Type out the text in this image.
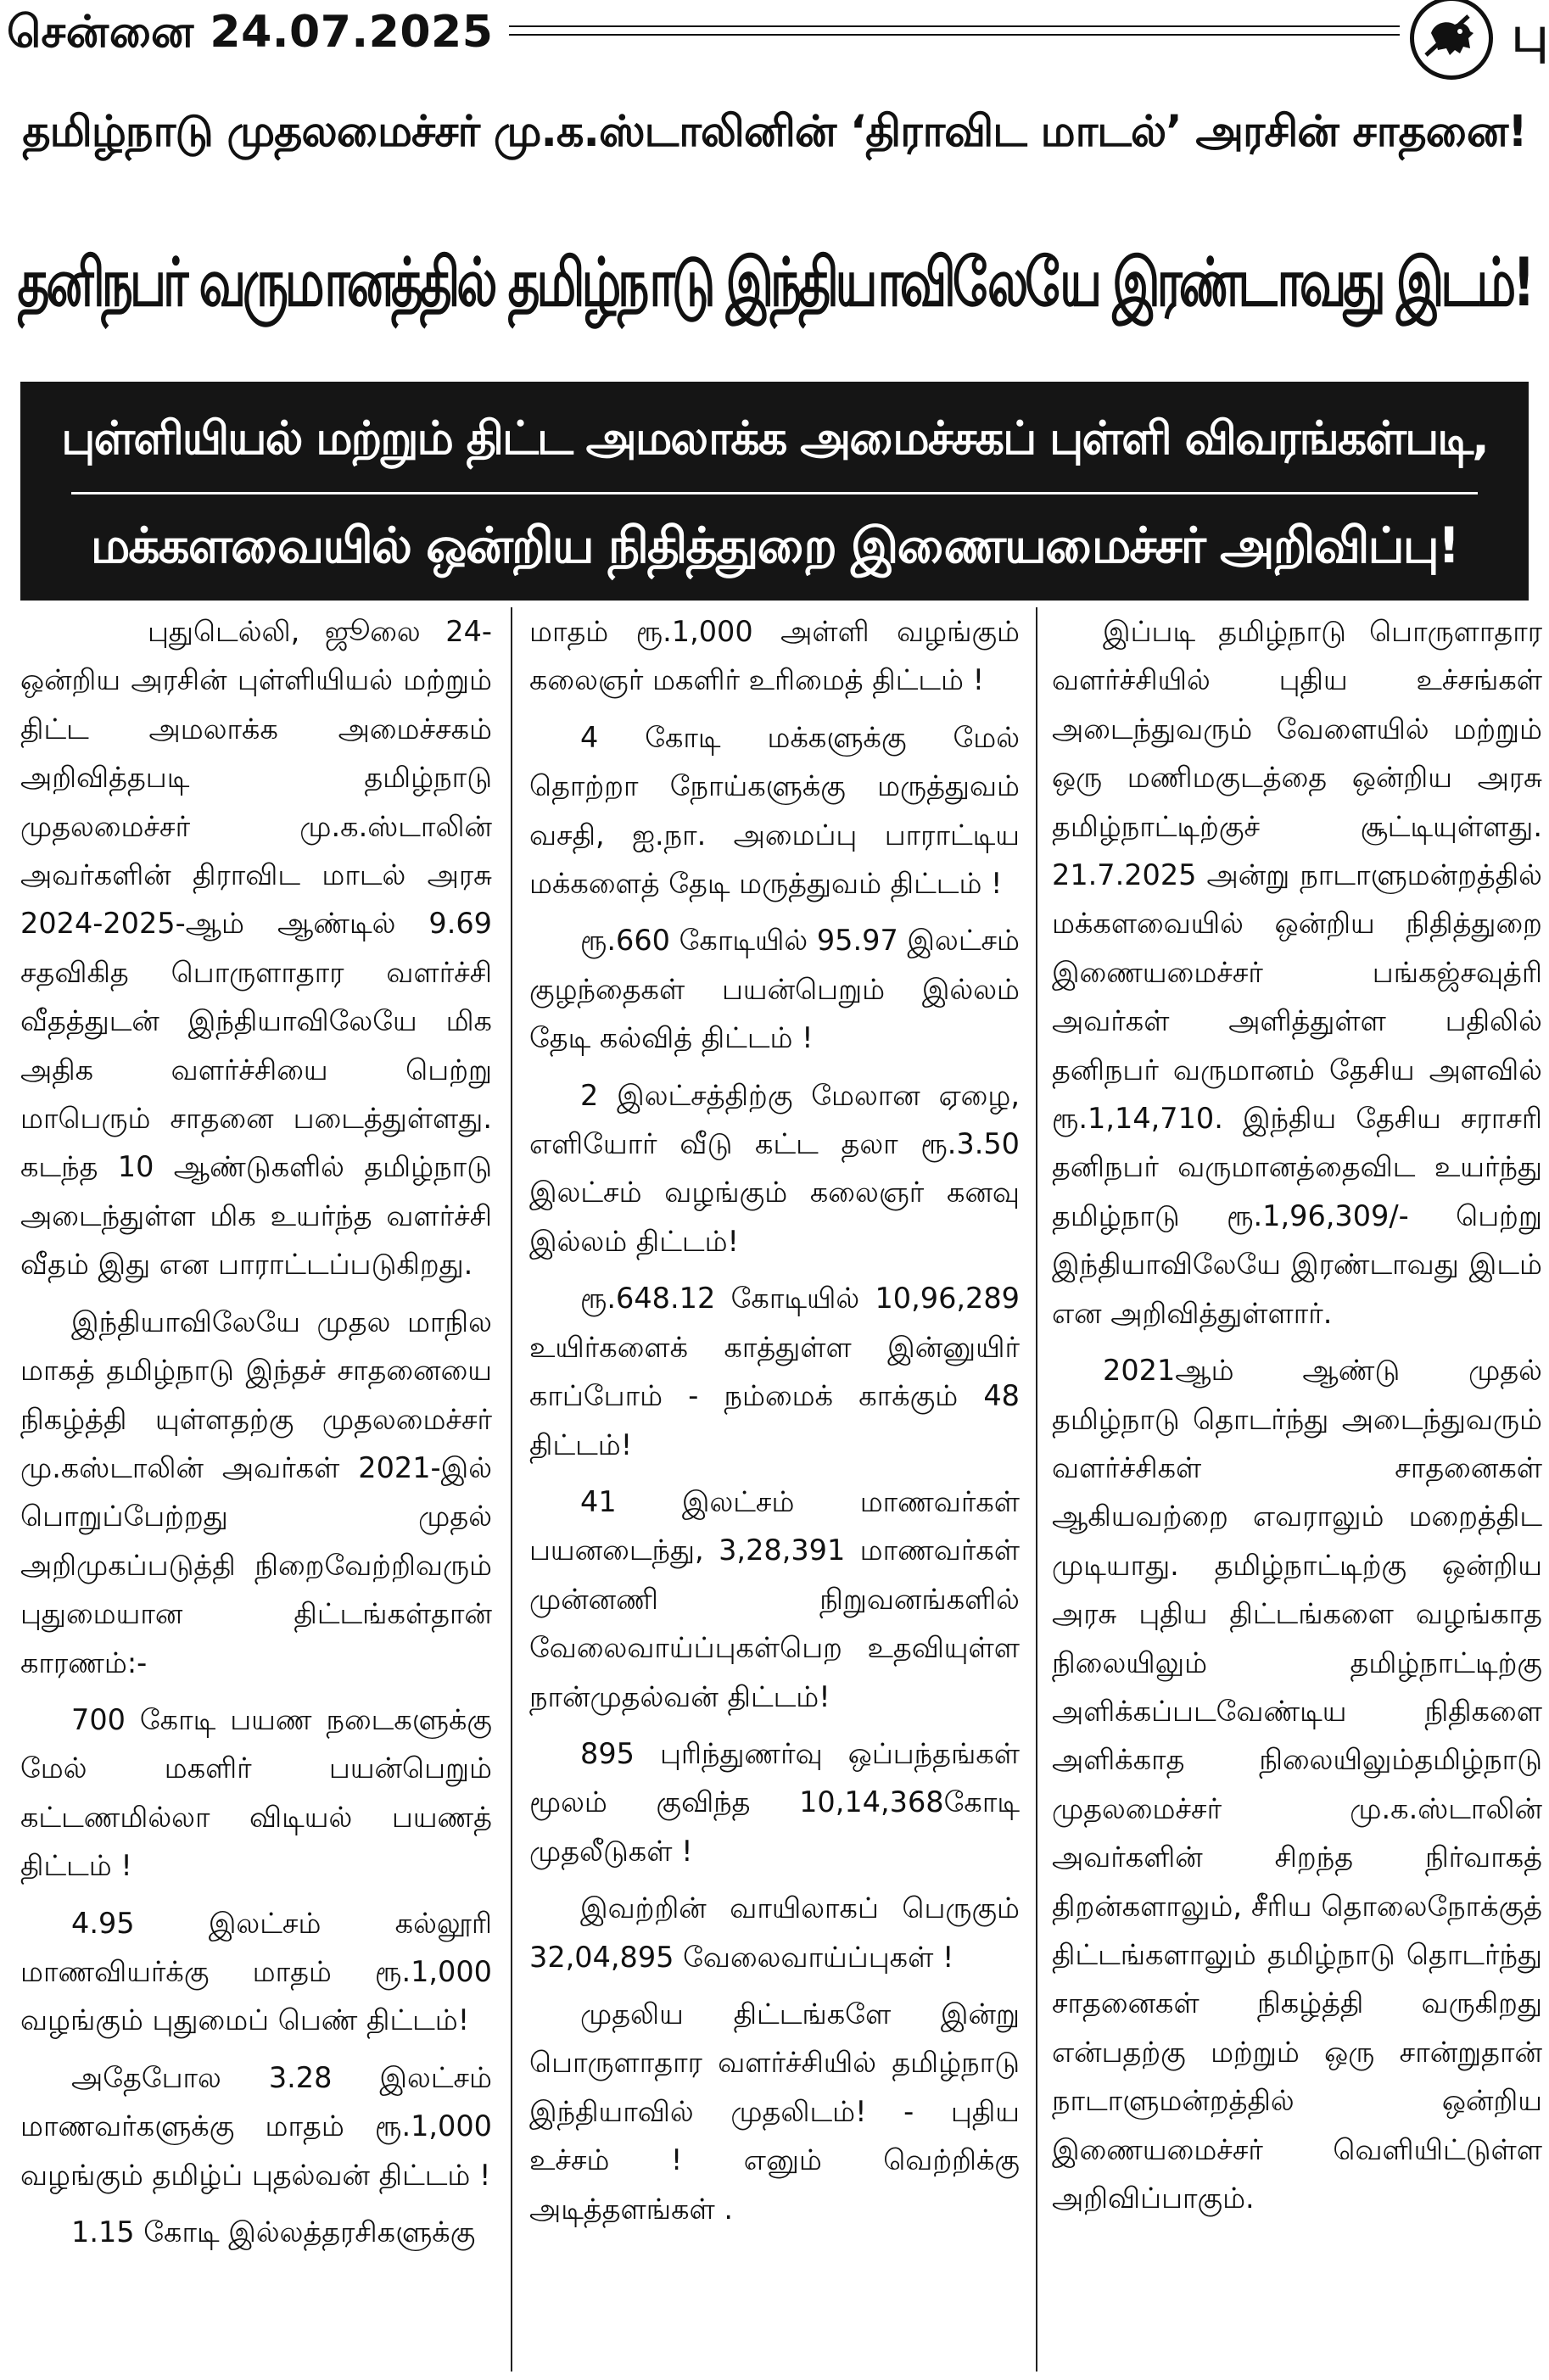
சென்னை 24.07.2025	பு
தமிழ்நாடு முதலமைச்சர் மு.க.ஸ்டாலினின் ‘திராவிட மாடல்’ அரசின் சாதனை!
தனிநபர் வருமானத்தில் தமிழ்நாடு இந்தியாவிலேயே இரண்டாவது இடம்!
புள்ளியியல் மற்றும் திட்ட அமலாக்க அமைச்சகப் புள்ளி விவரங்கள்படி,
மக்களவையில் ஒன்றிய நிதித்துறை இணையமைச்சர் அறிவிப்பு!

புதுடெல்லி, ஜூலை 24- ஒன்றிய அரசின் புள்ளியியல் மற்றும் திட்ட அமலாக்க அமைச்சகம் அறிவித்தபடி தமிழ்நாடு முதலமைச்சர் மு.க.ஸ்டாலின் அவர்களின் திராவிட மாடல் அரசு 2024-2025-ஆம் ஆண்டில் 9.69 சதவிகித பொருளாதார வளர்ச்சி வீதத்துடன் இந்தியாவிலேயே மிக அதிக வளர்ச்சியை பெற்று மாபெரும் சாதனை படைத்துள்ளது. கடந்த 10 ஆண்டுகளில் தமிழ்நாடு அடைந்துள்ள மிக உயர்ந்த வளர்ச்சி வீதம் இது என பாராட்டப்படுகிறது.

இந்தியாவிலேயே முதல மாநில மாகத் தமிழ்நாடு இந்தச் சாதனையை நிகழ்த்தி யுள்ளதற்கு முதலமைச்சர் மு.கஸ்டாலின் அவர்கள் 2021-இல் பொறுப்பேற்றது முதல் அறிமுகப்படுத்தி நிறைவேற்றிவரும் புதுமையான திட்டங்கள்தான் காரணம்:-

700 கோடி பயண நடைகளுக்கு மேல் மகளிர் பயன்பெறும் கட்டணமில்லா விடியல் பயணத் திட்டம் !

4.95 இலட்சம் கல்லூரி மாணவியர்க்கு மாதம் ரூ.1,000 வழங்கும் புதுமைப் பெண் திட்டம்!

அதேபோல 3.28 இலட்சம் மாணவர்களுக்கு மாதம் ரூ.1,000 வழங்கும் தமிழ்ப் புதல்வன் திட்டம் !

1.15 கோடி இல்லத்தரசிகளுக்கு

மாதம் ரூ.1,000 அள்ளி வழங்கும் கலைஞர் மகளிர் உரிமைத் திட்டம் !

4 கோடி மக்களுக்கு மேல் தொற்றா நோய்களுக்கு மருத்துவம் வசதி, ஐ.நா. அமைப்பு பாராட்டிய மக்களைத் தேடி மருத்துவம் திட்டம் !

ரூ.660 கோடியில் 95.97 இலட்சம் குழந்தைகள் பயன்பெறும் இல்லம் தேடி கல்வித் திட்டம் !

2 இலட்சத்திற்கு மேலான ஏழை, எளியோர் வீடு கட்ட தலா ரூ.3.50 இலட்சம் வழங்கும் கலைஞர் கனவு இல்லம் திட்டம்!

ரூ.648.12 கோடியில் 10,96,289 உயிர்களைக் காத்துள்ள இன்னுயிர் காப்போம் - நம்மைக் காக்கும் 48 திட்டம்!

41 இலட்சம் மாணவர்கள் பயனடைந்து, 3,28,391 மாணவர்கள் முன்னணி நிறுவனங்களில் வேலைவாய்ப்புகள்பெற உதவியுள்ள நான்முதல்வன் திட்டம்!

895 புரிந்துணர்வு ஒப்பந்தங்கள் மூலம் குவிந்த 10,14,368கோடி முதலீடுகள் !

இவற்றின் வாயிலாகப் பெருகும் 32,04,895 வேலைவாய்ப்புகள் !

முதலிய திட்டங்களே இன்று பொருளாதார வளர்ச்சியில் தமிழ்நாடு இந்தியாவில் முதலிடம்! - புதிய உச்சம் ! எனும் வெற்றிக்கு அடித்தளங்கள் .

இப்படி தமிழ்நாடு பொருளாதார வளர்ச்சியில் புதிய உச்சங்கள் அடைந்துவரும் வேளையில் மற்றும் ஒரு மணிமகுடத்தை ஒன்றிய அரசு தமிழ்நாட்டிற்குச் சூட்டியுள்ளது. 21.7.2025 அன்று நாடாளுமன்றத்தில் மக்களவையில் ஒன்றிய நிதித்துறை இணையமைச்சர் பங்கஜ்சவுத்ரி அவர்கள் அளித்துள்ள பதிலில் தனிநபர் வருமானம் தேசிய அளவில் ரூ.1,14,710. இந்திய தேசிய சராசரி தனிநபர் வருமானத்தைவிட உயர்ந்து தமிழ்நாடு ரூ.1,96,309/- பெற்று இந்தியாவிலேயே இரண்டாவது இடம் என அறிவித்துள்ளார்.

2021ஆம் ஆண்டு முதல் தமிழ்நாடு தொடர்ந்து அடைந்துவரும் வளர்ச்சிகள் சாதனைகள் ஆகியவற்றை எவராலும் மறைத்திட முடியாது. தமிழ்நாட்டிற்கு ஒன்றிய அரசு புதிய திட்டங்களை வழங்காத நிலையிலும் தமிழ்நாட்டிற்கு அளிக்கப்படவேண்டிய நிதிகளை அளிக்காத நிலையிலும்தமிழ்நாடு முதலமைச்சர் மு.க.ஸ்டாலின் அவர்களின் சிறந்த நிர்வாகத் திறன்களாலும், சீரிய தொலைநோக்குத் திட்டங்களாலும் தமிழ்நாடு தொடர்ந்து சாதனைகள் நிகழ்த்தி வருகிறது என்பதற்கு மற்றும் ஒரு சான்றுதான் நாடாளுமன்றத்தில் ஒன்றிய இணையமைச்சர் வெளியிட்டுள்ள அறிவிப்பாகும்.
